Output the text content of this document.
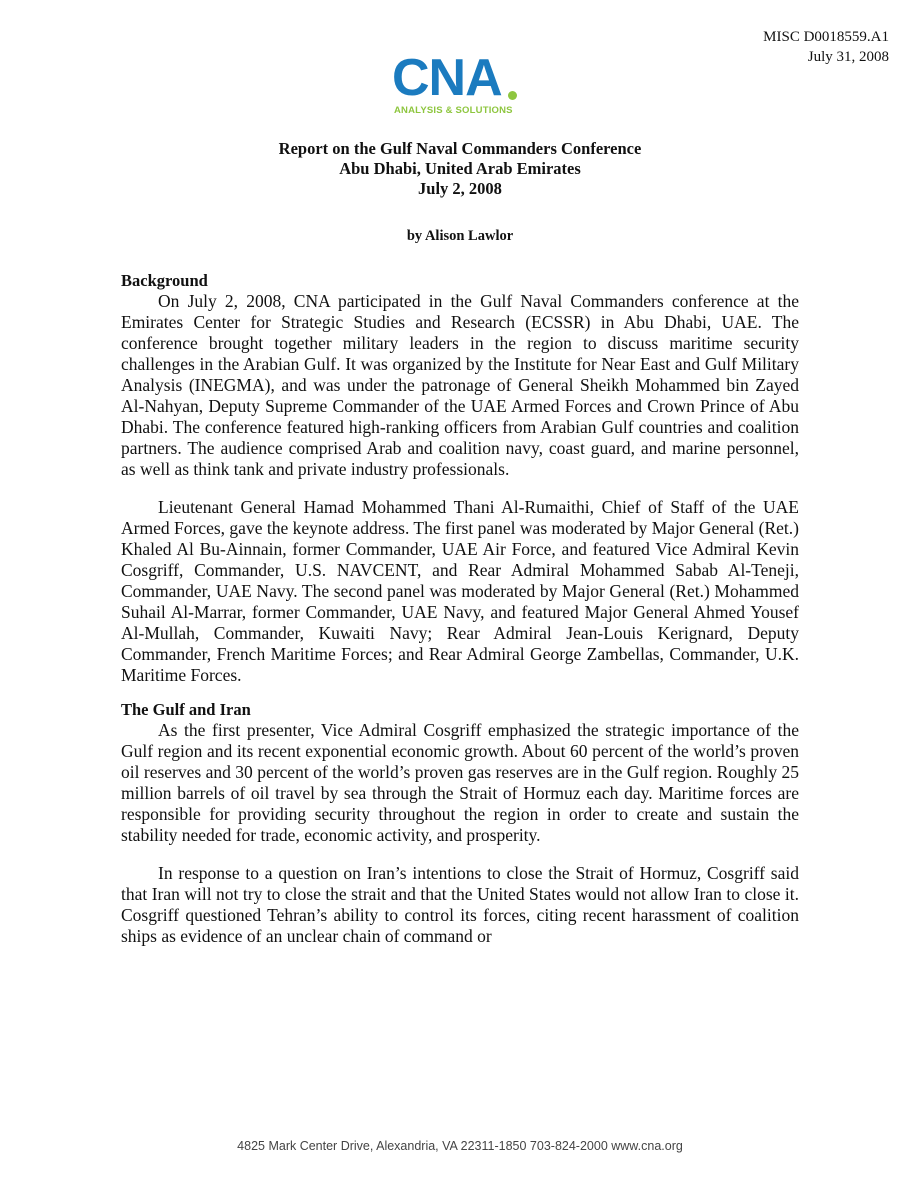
MISC D0018559.A1
July 31, 2008
CNA
ANALYSIS & SOLUTIONS
Report on the Gulf Naval Commanders Conference
Abu Dhabi, United Arab Emirates
July 2, 2008
by Alison Lawlor
Background

On July 2, 2008, CNA participated in the Gulf Naval Commanders conference at the Emirates Center for Strategic Studies and Research (ECSSR) in Abu Dhabi, UAE. The conference brought together military leaders in the region to discuss maritime security challenges in the Arabian Gulf. It was organized by the Institute for Near East and Gulf Military Analysis (INEGMA), and was under the patronage of General Sheikh Mohammed bin Zayed Al-Nahyan, Deputy Supreme Commander of the UAE Armed Forces and Crown Prince of Abu Dhabi. The conference featured high-ranking officers from Arabian Gulf countries and coalition partners. The audience comprised Arab and coalition navy, coast guard, and marine personnel, as well as think tank and private industry professionals.

Lieutenant General Hamad Mohammed Thani Al-Rumaithi, Chief of Staff of the UAE Armed Forces, gave the keynote address. The first panel was moderated by Major General (Ret.) Khaled Al Bu-Ainnain, former Commander, UAE Air Force, and featured Vice Admiral Kevin Cosgriff, Commander, U.S. NAVCENT, and Rear Admiral Mohammed Sabab Al-Teneji, Commander, UAE Navy. The second panel was moderated by Major General (Ret.) Mohammed Suhail Al-Marrar, former Commander, UAE Navy, and featured Major General Ahmed Yousef Al-Mullah, Commander, Kuwaiti Navy; Rear Admiral Jean-Louis Kerignard, Deputy Commander, French Maritime Forces; and Rear Admiral George Zambellas, Commander, U.K. Maritime Forces.

The Gulf and Iran

As the first presenter, Vice Admiral Cosgriff emphasized the strategic importance of the Gulf region and its recent exponential economic growth. About 60 percent of the world’s proven oil reserves and 30 percent of the world’s proven gas reserves are in the Gulf region. Roughly 25 million barrels of oil travel by sea through the Strait of Hormuz each day. Maritime forces are responsible for providing security throughout the region in order to create and sustain the stability needed for trade, economic activity, and prosperity.

In response to a question on Iran’s intentions to close the Strait of Hormuz, Cosgriff said that Iran will not try to close the strait and that the United States would not allow Iran to close it. Cosgriff questioned Tehran’s ability to control its forces, citing recent harassment of coalition ships as evidence of an unclear chain of command or

4825 Mark Center Drive, Alexandria, VA 22311-1850 703-824-2000 www.cna.org
